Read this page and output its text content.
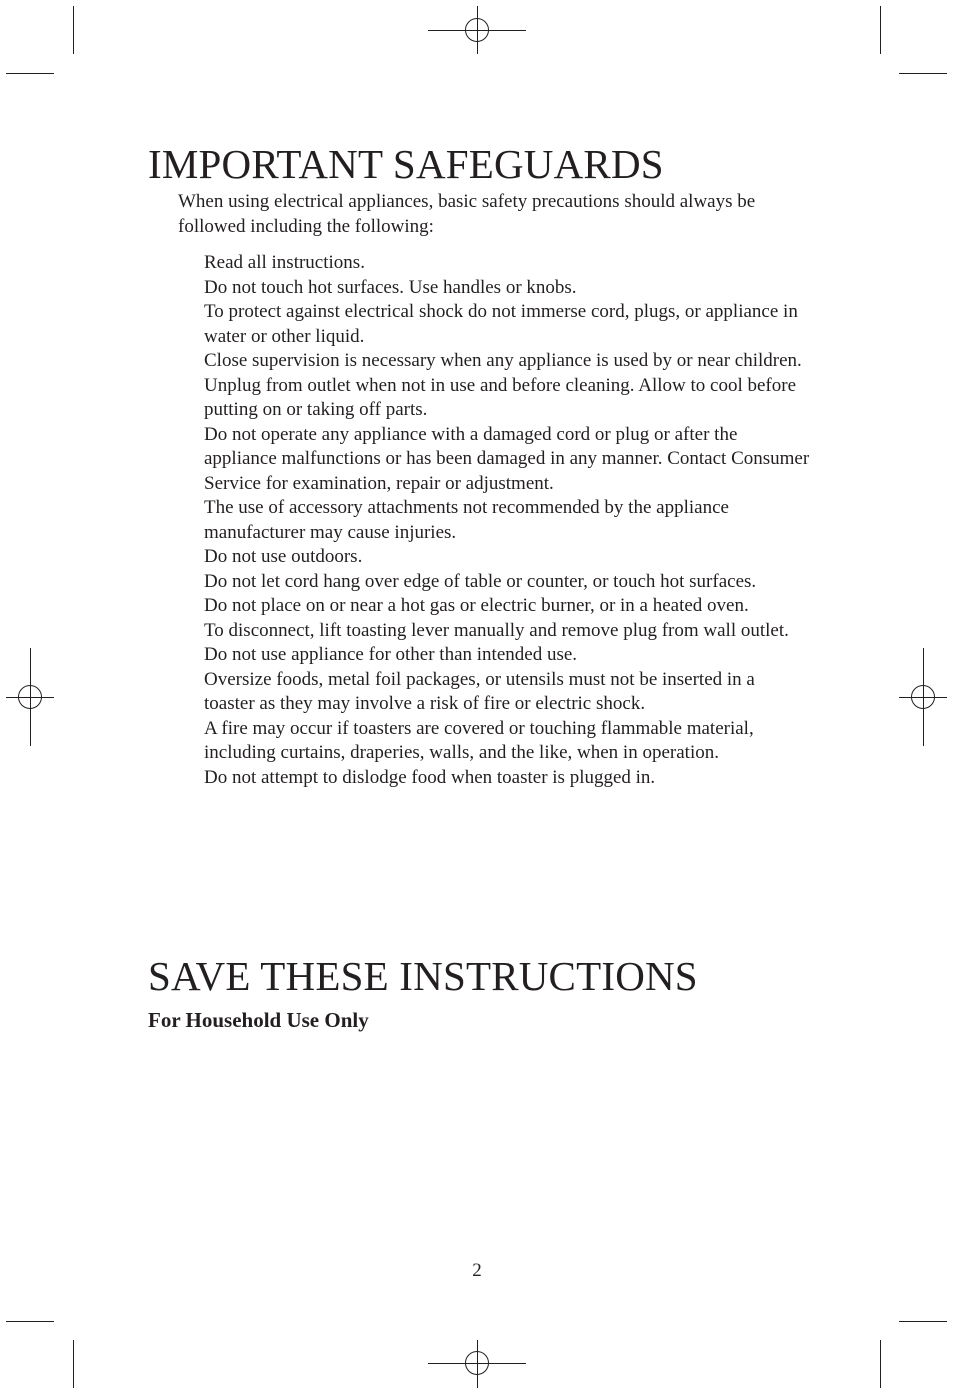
IMPORTANT SAFEGUARDS
When using electrical appliances, basic safety precautions should always be followed including the following:
Read all instructions.
Do not touch hot surfaces. Use handles or knobs.
To protect against electrical shock do not immerse cord, plugs, or appliance in water or other liquid.
Close supervision is necessary when any appliance is used by or near children.
Unplug from outlet when not in use and before cleaning. Allow to cool before putting on or taking off parts.
Do not operate any appliance with a damaged cord or plug or after the appliance malfunctions or has been damaged in any manner. Contact Consumer Service for examination, repair or adjustment.
The use of accessory attachments not recommended by the appliance manufacturer may cause injuries.
Do not use outdoors.
Do not let cord hang over edge of table or counter, or touch hot surfaces.
Do not place on or near a hot gas or electric burner, or in a heated oven.
To disconnect, lift toasting lever manually and remove plug from wall outlet.
Do not use appliance for other than intended use.
Oversize foods, metal foil packages, or utensils must not be inserted in a toaster as they may involve a risk of fire or electric shock.
A fire may occur if toasters are covered or touching flammable material, including curtains, draperies, walls, and the like, when in operation.
Do not attempt to dislodge food when toaster is plugged in.
SAVE THESE INSTRUCTIONS
For Household Use Only
2
